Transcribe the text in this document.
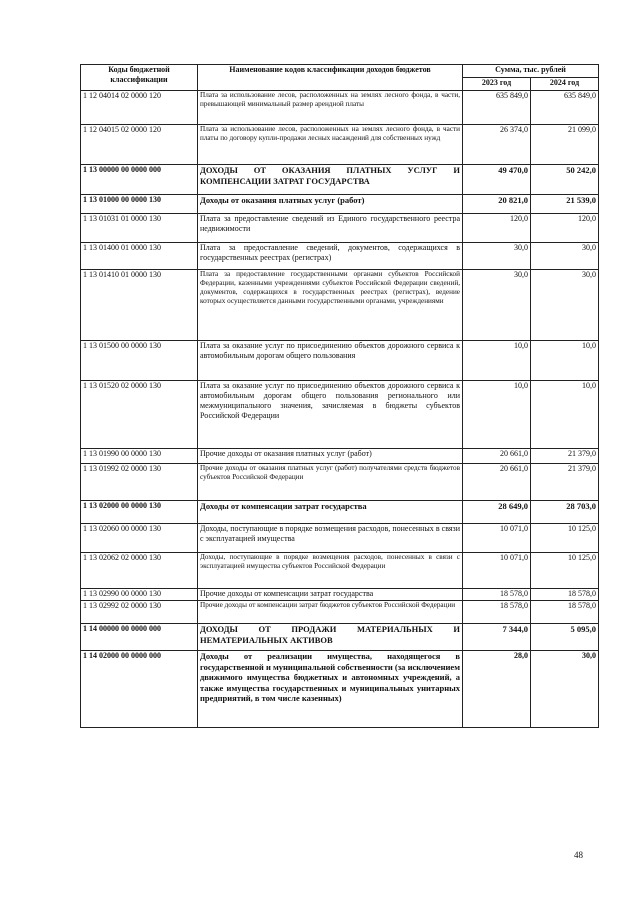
Коды бюджетной классификации	Наименование кодов классификации доходов бюджетов	Сумма, тыс. рублей	
		2023 год	2024 год
1 12 04014 02 0000 120	Плата за использование лесов, расположенных на землях лесного фонда, в части, превышающей минимальный размер арендной платы	635 849,0	635 849,0
1 12 04015 02 0000 120	Плата за использование лесов, расположенных на землях лесного фонда, в части платы по договору купли-продажи лесных насаждений для собственных нужд	26 374,0	21 099,0
1 13 00000 00 0000 000	ДОХОДЫ ОТ ОКАЗАНИЯ ПЛАТНЫХ УСЛУГ И КОМПЕНСАЦИИ ЗАТРАТ ГОСУДАРСТВА	49 470,0	50 242,0
1 13 01000 00 0000 130	Доходы от оказания платных услуг (работ)	20 821,0	21 539,0
1 13 01031 01 0000 130	Плата за предоставление сведений из Единого государственного реестра недвижимости	120,0	120,0
1 13 01400 01 0000 130	Плата за предоставление сведений, документов, содержащихся в государственных реестрах (регистрах)	30,0	30,0
1 13 01410 01 0000 130	Плата за предоставление государственными органами субъектов Российской Федерации, казенными учреждениями субъектов Российской Федерации сведений, документов, содержащихся в государственных реестрах (регистрах), ведение которых осуществляется данными государственными органами, учреждениями	30,0	30,0
1 13 01500 00 0000 130	Плата за оказание услуг по присоединению объектов дорожного сервиса к автомобильным дорогам общего пользования	10,0	10,0
1 13 01520 02 0000 130	Плата за оказание услуг по присоединению объектов дорожного сервиса к автомобильным дорогам общего пользования регионального или межмуниципального значения, зачисляемая в бюджеты субъектов Российской Федерации	10,0	10,0
1 13 01990 00 0000 130	Прочие доходы от оказания платных услуг (работ)	20 661,0	21 379,0
1 13 01992 02 0000 130	Прочие доходы от оказания платных услуг (работ) получателями средств бюджетов субъектов Российской Федерации	20 661,0	21 379,0
1 13 02000 00 0000 130	Доходы от компенсации затрат государства	28 649,0	28 703,0
1 13 02060 00 0000 130	Доходы, поступающие в порядке возмещения расходов, понесенных в связи с эксплуатацией имущества	10 071,0	10 125,0
1 13 02062 02 0000 130	Доходы, поступающие в порядке возмещения расходов, понесенных в связи с эксплуатацией имущества субъектов Российской Федерации	10 071,0	10 125,0
1 13 02990 00 0000 130	Прочие доходы от компенсации затрат государства	18 578,0	18 578,0
1 13 02992 02 0000 130	Прочие доходы от компенсации затрат бюджетов субъектов Российской Федерации	18 578,0	18 578,0
1 14 00000 00 0000 000	ДОХОДЫ ОТ ПРОДАЖИ МАТЕРИАЛЬНЫХ И НЕМАТЕРИАЛЬНЫХ АКТИВОВ	7 344,0	5 095,0
1 14 02000 00 0000 000	Доходы от реализации имущества, находящегося в государственной и муниципальной собственности (за исключением движимого имущества бюджетных и автономных учреждений, а также имущества государственных и муниципальных унитарных предприятий, в том числе казенных)	28,0	30,0
48
